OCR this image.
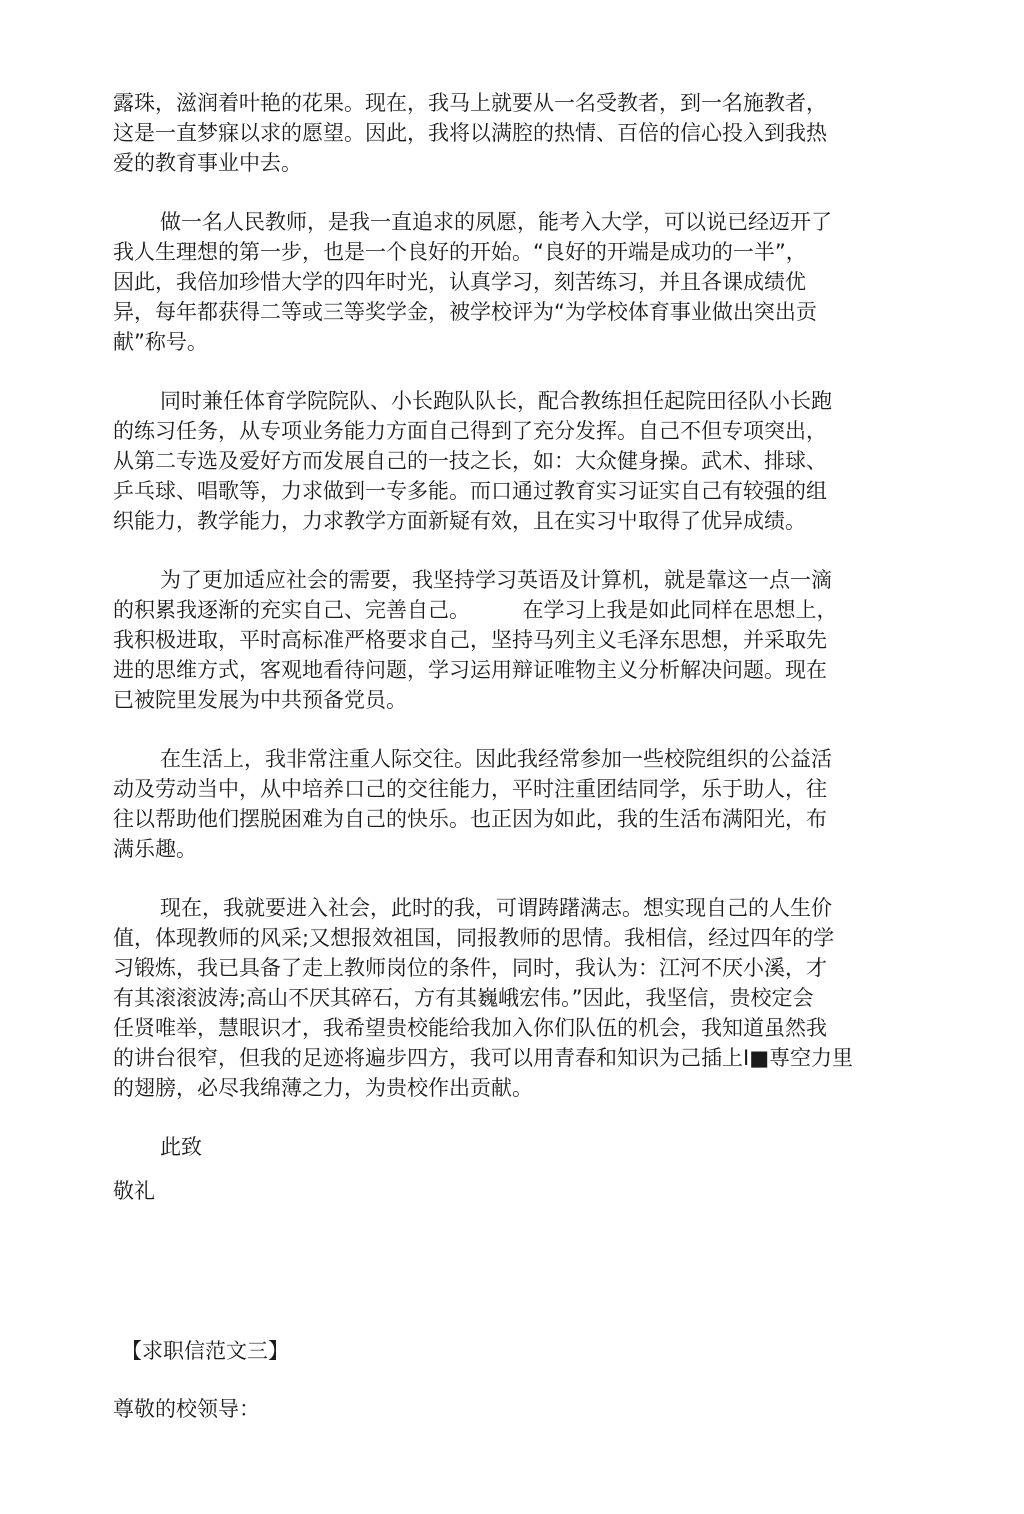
露珠，滋润着叶艳的花果。现在，我马上就要从一名受教者，到一名施教者，
这是一直梦寐以求的愿望。因此，我将以满腔的热情、百倍的信心投入到我热
爱的教育事业中去。
做一名人民教师，是我一直追求的夙愿，能考入大学，可以说已经迈开了
我人生理想的第一步，也是一个良好的开始。“良好的开端是成功的一半”，
因此，我倍加珍惜大学的四年时光，认真学习，刻苦练习，并且各课成绩优
异，每年都获得二等或三等奖学金，被学校评为“为学校体育事业做出突出贡
献”称号。
同时兼任体育学院院队、小长跑队队长，配合教练担任起院田径队小长跑
的练习任务，从专项业务能力方面自己得到了充分发挥。自己不但专项突出，
从第二专选及爱好方而发展自己的一技之长，如：大众健身操。武术、排球、
乒乓球、唱歌等，力求做到一专多能。而口通过教育实习证实自己有较强的组
织能力，教学能力，力求教学方面新疑有效，且在实习屮取得了优异成绩。
为了更加适应社会的需要，我坚持学习英语及计算机，就是靠这一点一滴
的积累我逐渐的充实自己、完善自己。　　　在学习上我是如此同样在思想上，
我积极进取，平时高标准严格要求自己，坚持马列主义毛泽东思想，并采取先
进的思维方式，客观地看待问题，学习运用辩证唯物主义分析解决问题。现在
已被院里发展为中共预备党员。
在生活上，我非常注重人际交往。因此我经常参加一些校院组织的公益活
动及劳动当中，从中培养口己的交往能力，平时注重团结同学，乐于助人，往
往以帮助他们摆脱困难为自己的快乐。也正因为如此，我的生活布满阳光，布
满乐趣。
现在，我就要进入社会，此时的我，可谓踌躇满志。想实现自己的人生价
值，体现教师的风采;又想报效祖国，同报教师的思情。我相信，经过四年的学
习锻炼，我已具备了走上教师岗位的条件，同时，我认为：江河不厌小溪，才
有其滚滚波涛;高山不厌其碎石，方有其巍峨宏伟。”因此，我坚信，贵校定会
任贤唯举，慧眼识才，我希望贵校能给我加入你们队伍的机会，我知道虽然我
的讲台很窄，但我的足迹将遍步四方，我可以用青春和知识为己插上I■専空力里
的翅膀，必尽我绵薄之力，为贵校作出贡献。
此致
敬礼
【求职信范文三】
尊敬的校领导：
